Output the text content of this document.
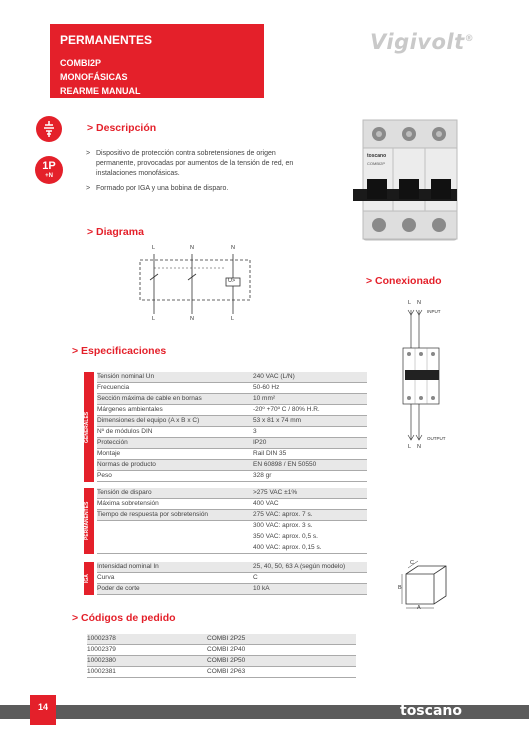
PERMANENTES
COMBI2P
MONOFÁSICAS
REARME MANUAL
Vigivolt®
1P
+N
> Descripción
> Dispositivo de protección contra sobretensiones de origen permanente, provocadas por aumentos de la tensión de red, en instalaciones monofásicas.
> Formado por IGA y una bobina de disparo.
toscano
COMBI2P
> Diagrama
L	N	N
U>
L	N	L
> Conexionado
L N
INPUT
OUTPUT
L N
> Especificaciones
GENERALES
Tensión nominal Un	240 VAC (L/N)
Frecuencia	50-60 Hz
Sección máxima de cable en bornas	10 mm²
Márgenes ambientales	-20º +70º C / 80% H.R.
Dimensiones del equipo (A x B x C)	53 x 81 x 74 mm
Nº de módulos DIN	3
Protección	IP20
Montaje	Rail DIN 35
Normas de producto	EN 60898 / EN 50550
Peso	328 gr
PERMANENTES
Tensión de disparo	>275 VAC ±1%
Máxima sobretensión	400 VAC
Tiempo de respuesta por sobretensión	275 VAC: aprox. 7 s.
300 VAC: aprox. 3 s.
350 VAC: aprox. 0,5 s.
400 VAC: aprox. 0,15 s.
IGA
Intensidad nominal In	25, 40, 50, 63 A (según modelo)
Curva	C
Poder de corte	10 kA
A
B
C
> Códigos de pedido
10002378	COMBI 2P25
10002379	COMBI 2P40
10002380	COMBI 2P50
10002381	COMBI 2P63
14	toscano
